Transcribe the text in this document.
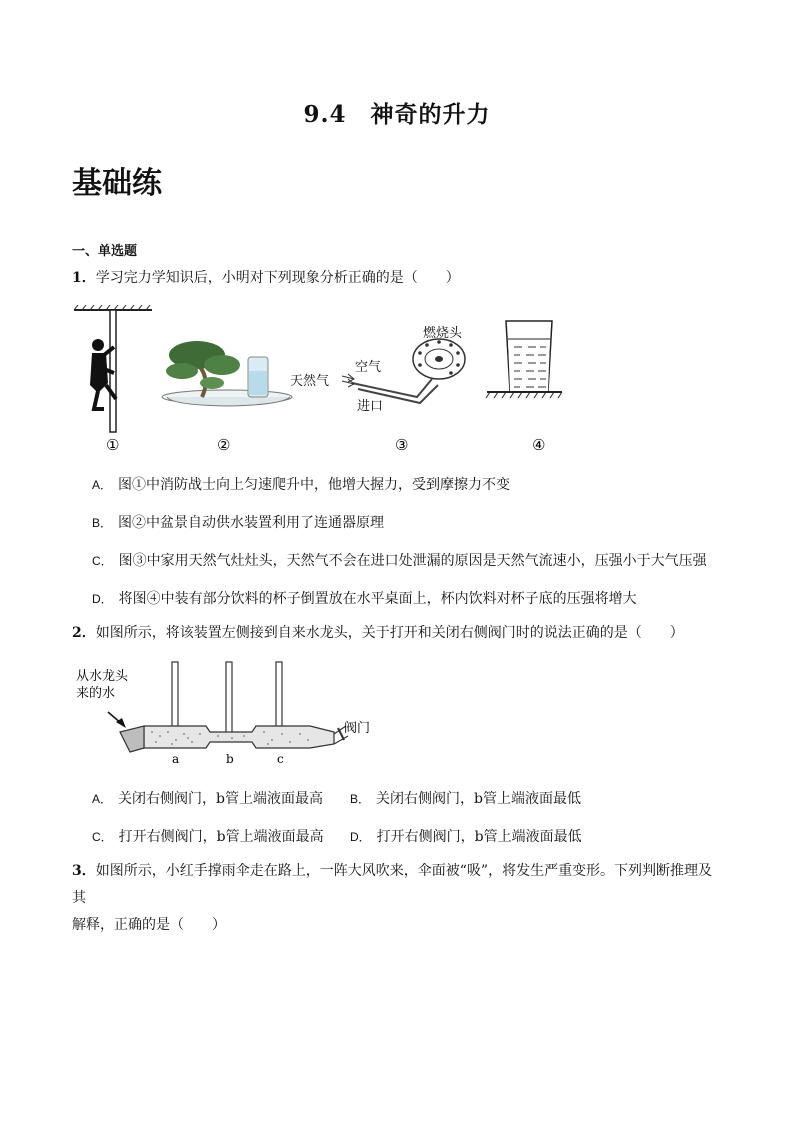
9.4　神奇的升力
基础练
一、单选题
1．学习完力学知识后，小明对下列现象分析正确的是（　　）
燃烧头
空气
天然气
进口
①	②	③	④
A． 图①中消防战士向上匀速爬升中，他增大握力，受到摩擦力不变
B． 图②中盆景自动供水装置利用了连通器原理
C． 图③中家用天然气灶灶头，天然气不会在进口处泄漏的原因是天然气流速小，压强小于大气压强
D． 将图④中装有部分饮料的杯子倒置放在水平桌面上，杯内饮料对杯子底的压强将增大
2．如图所示，将该装置左侧接到自来水龙头，关于打开和关闭右侧阀门时的说法正确的是（　　）
从水龙头
来的水
阀门
a	b	c
A． 关闭右侧阀门，b管上端液面最高 B． 关闭右侧阀门，b管上端液面最低
C． 打开右侧阀门，b管上端液面最高 D． 打开右侧阀门，b管上端液面最低
3．如图所示，小红手撑雨伞走在路上，一阵大风吹来，伞面被“吸”，将发生严重变形。下列判断推理及其
解释，正确的是（　　）
